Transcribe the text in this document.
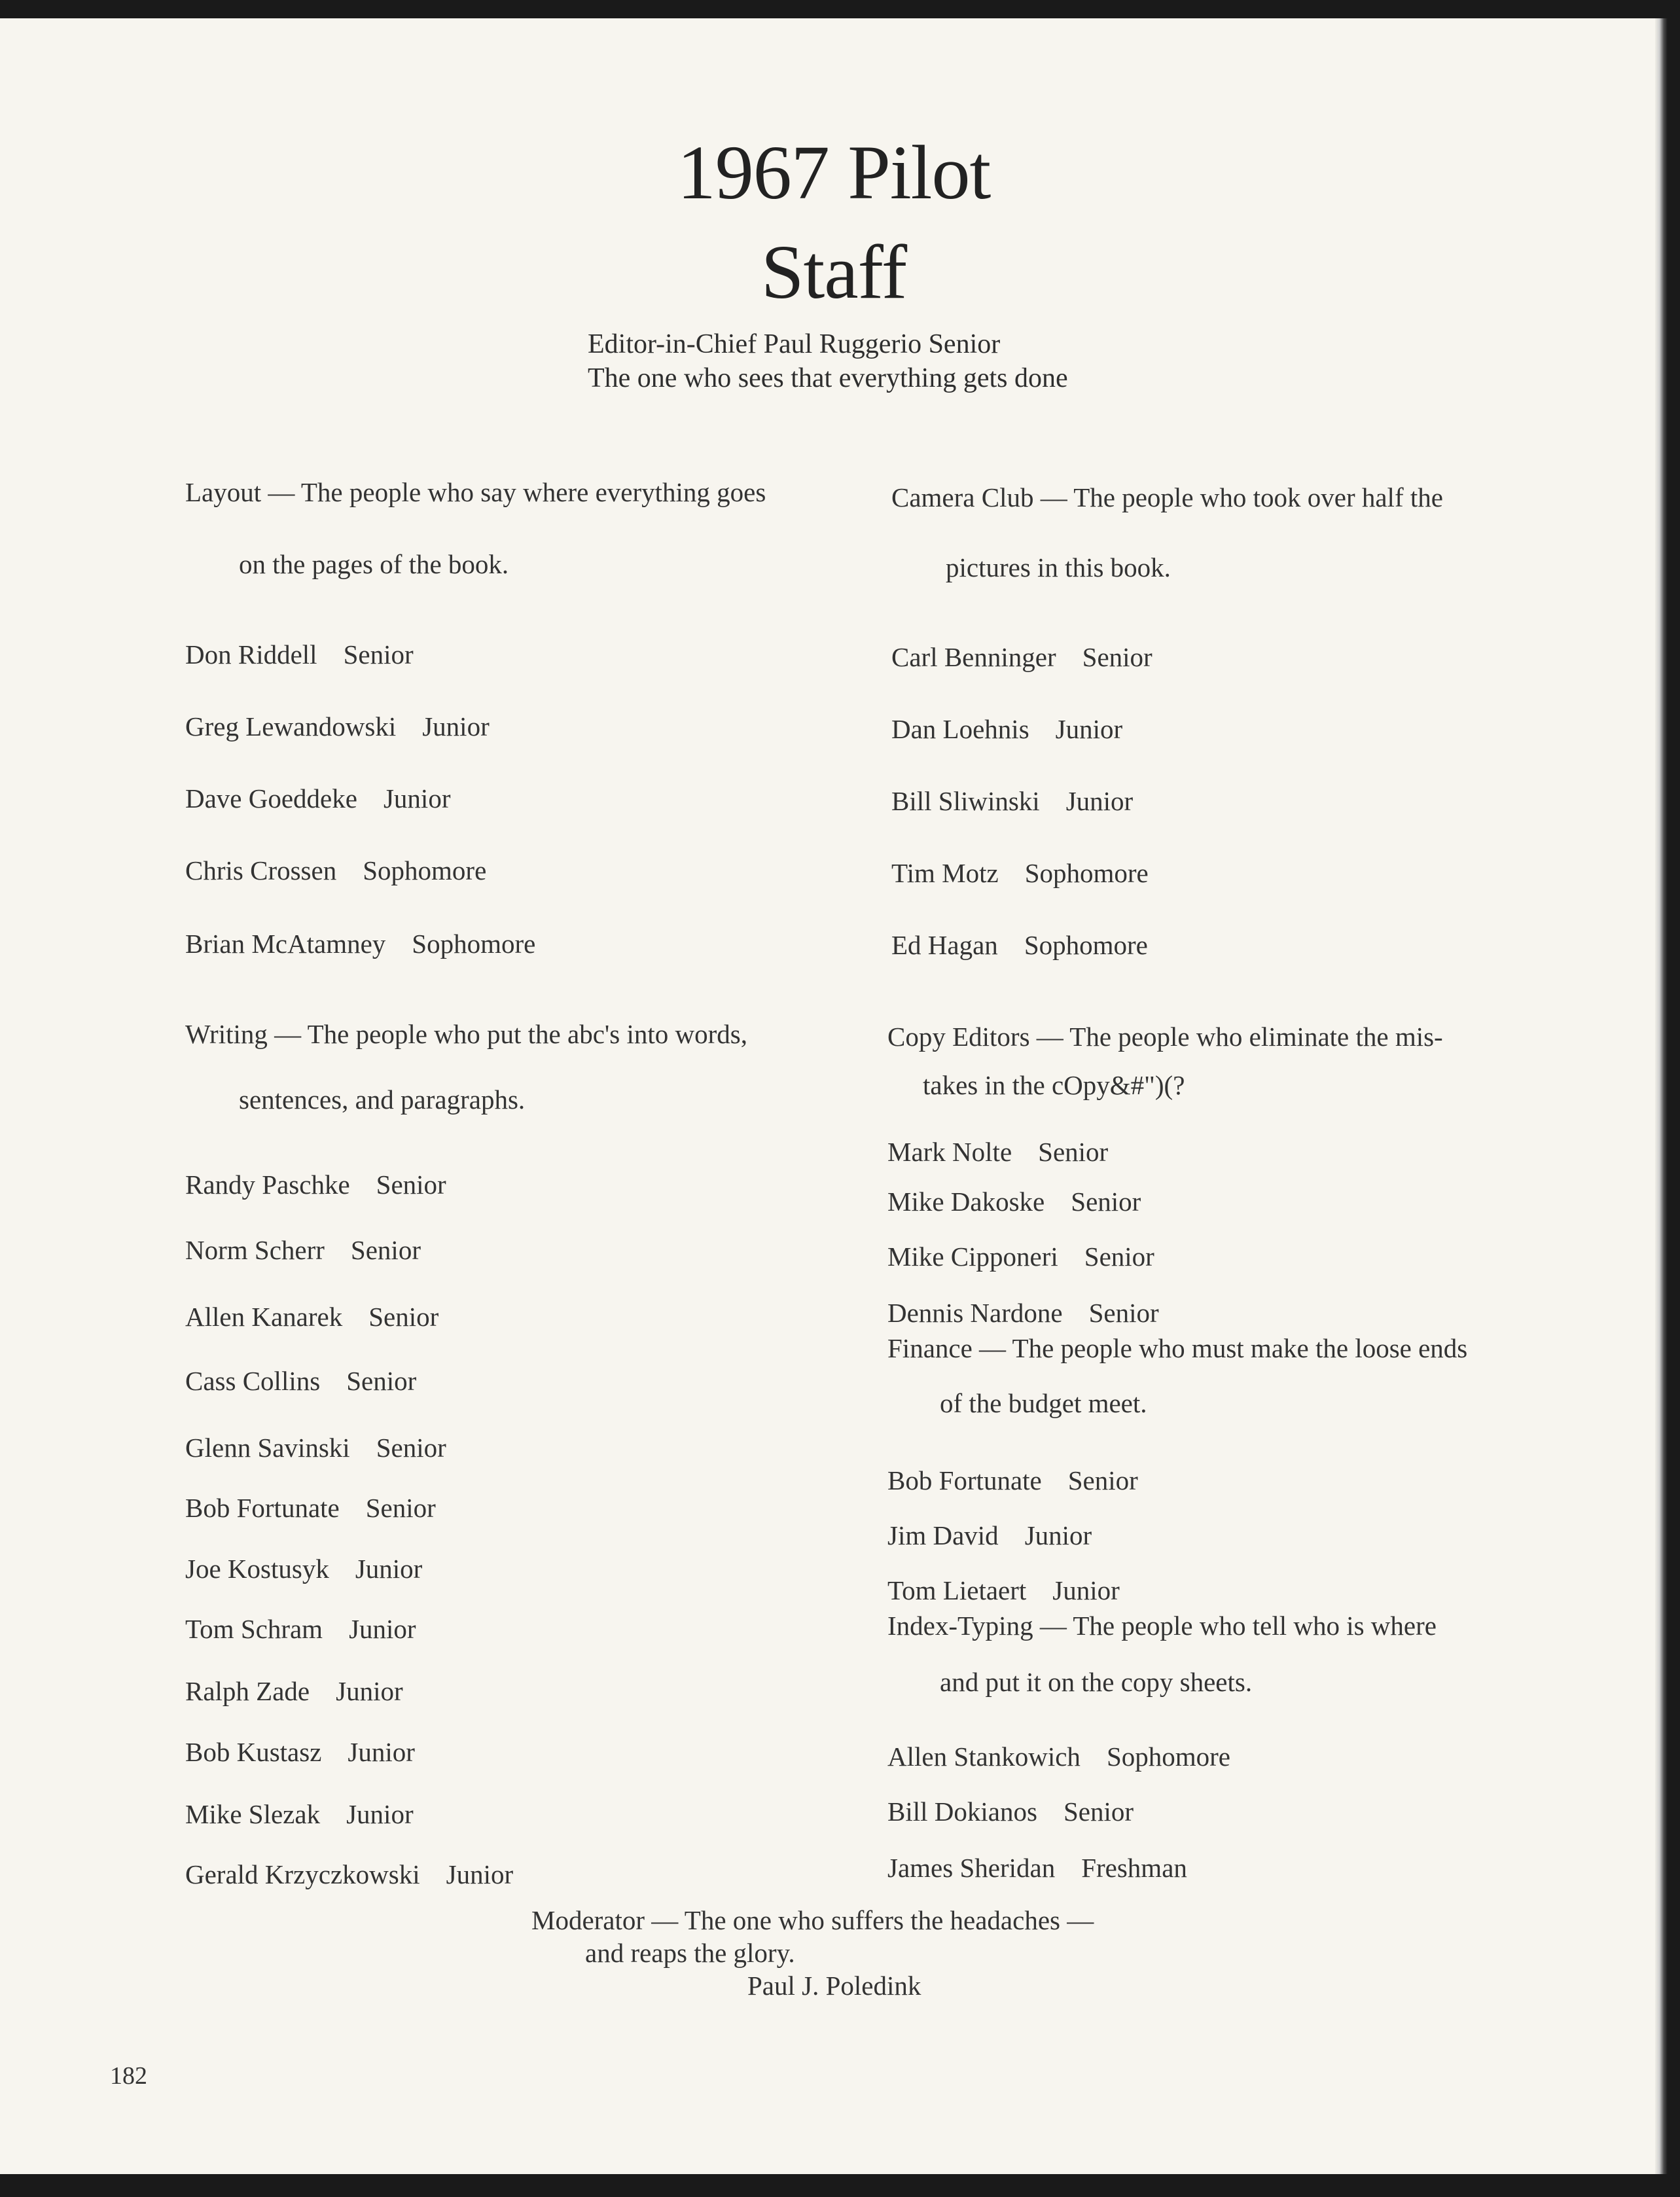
1967 Pilot
Staff
Editor-in-Chief Paul Ruggerio Senior
The one who sees that everything gets done
Layout — The people who say where everything goes
on the pages of the book.
Don Riddell Senior
Greg Lewandowski Junior
Dave Goeddeke Junior
Chris Crossen Sophomore
Brian McAtamney Sophomore
Camera Club — The people who took over half the
pictures in this book.
Carl Benninger Senior
Dan Loehnis Junior
Bill Sliwinski Junior
Tim Motz Sophomore
Ed Hagan Sophomore
Writing — The people who put the abc's into words,
sentences, and paragraphs.
Randy Paschke Senior
Norm Scherr Senior
Allen Kanarek Senior
Cass Collins Senior
Glenn Savinski Senior
Bob Fortunate Senior
Joe Kostusyk Junior
Tom Schram Junior
Ralph Zade Junior
Bob Kustasz Junior
Mike Slezak Junior
Gerald Krzyczkowski Junior
Copy Editors — The people who eliminate the mis-
takes in the cOpy&#")(?
Mark Nolte Senior
Mike Dakoske Senior
Mike Cipponeri Senior
Dennis Nardone Senior
Finance — The people who must make the loose ends
of the budget meet.
Bob Fortunate Senior
Jim David Junior
Tom Lietaert Junior
Index-Typing — The people who tell who is where
and put it on the copy sheets.
Allen Stankowich Sophomore
Bill Dokianos Senior
James Sheridan Freshman
Moderator — The one who suffers the headaches —
and reaps the glory.
Paul J. Poledink
182
